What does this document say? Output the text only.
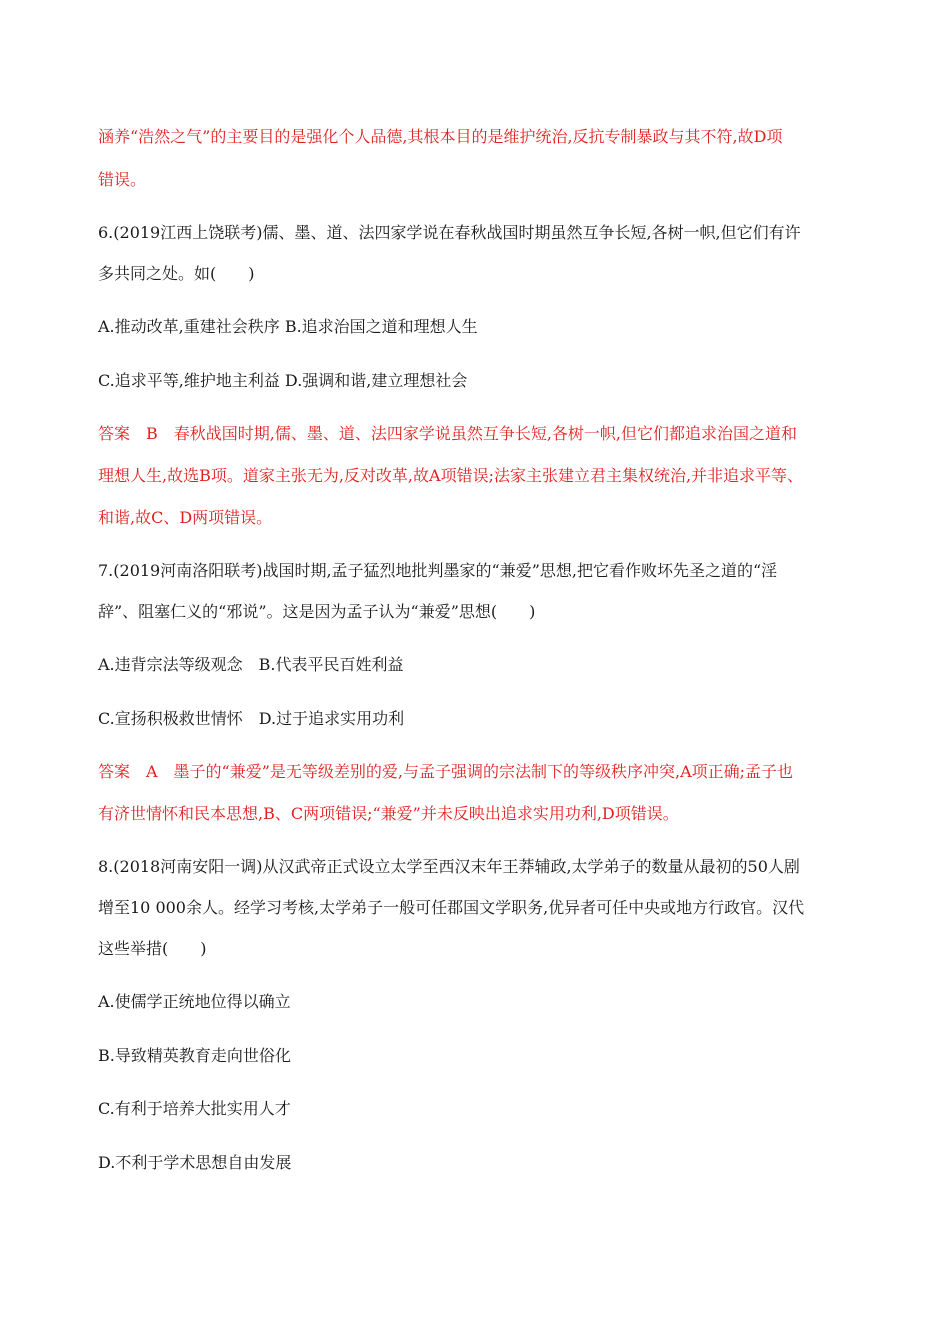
涵养“浩然之气”的主要目的是强化个人品德,其根本目的是维护统治,反抗专制暴政与其不符,故D项
错误。
6.(2019江西上饶联考)儒、墨、道、法四家学说在春秋战国时期虽然互争长短,各树一帜,但它们有许
多共同之处。如(　　)
A.推动改革,重建社会秩序 B.追求治国之道和理想人生
C.追求平等,维护地主利益 D.强调和谐,建立理想社会
答案　B　春秋战国时期,儒、墨、道、法四家学说虽然互争长短,各树一帜,但它们都追求治国之道和
理想人生,故选B项。道家主张无为,反对改革,故A项错误;法家主张建立君主集权统治,并非追求平等、
和谐,故C、D两项错误。
7.(2019河南洛阳联考)战国时期,孟子猛烈地批判墨家的“兼爱”思想,把它看作败坏先圣之道的“淫
辞”、阻塞仁义的“邪说”。这是因为孟子认为“兼爱”思想(　　)
A.违背宗法等级观念　B.代表平民百姓利益
C.宣扬积极救世情怀　D.过于追求实用功利
答案　A　墨子的“兼爱”是无等级差别的爱,与孟子强调的宗法制下的等级秩序冲突,A项正确;孟子也
有济世情怀和民本思想,B、C两项错误;“兼爱”并未反映出追求实用功利,D项错误。
8.(2018河南安阳一调)从汉武帝正式设立太学至西汉末年王莽辅政,太学弟子的数量从最初的50人剧
增至10 000余人。经学习考核,太学弟子一般可任郡国文学职务,优异者可任中央或地方行政官。汉代
这些举措(　　)
A.使儒学正统地位得以确立
B.导致精英教育走向世俗化
C.有利于培养大批实用人才
D.不利于学术思想自由发展
